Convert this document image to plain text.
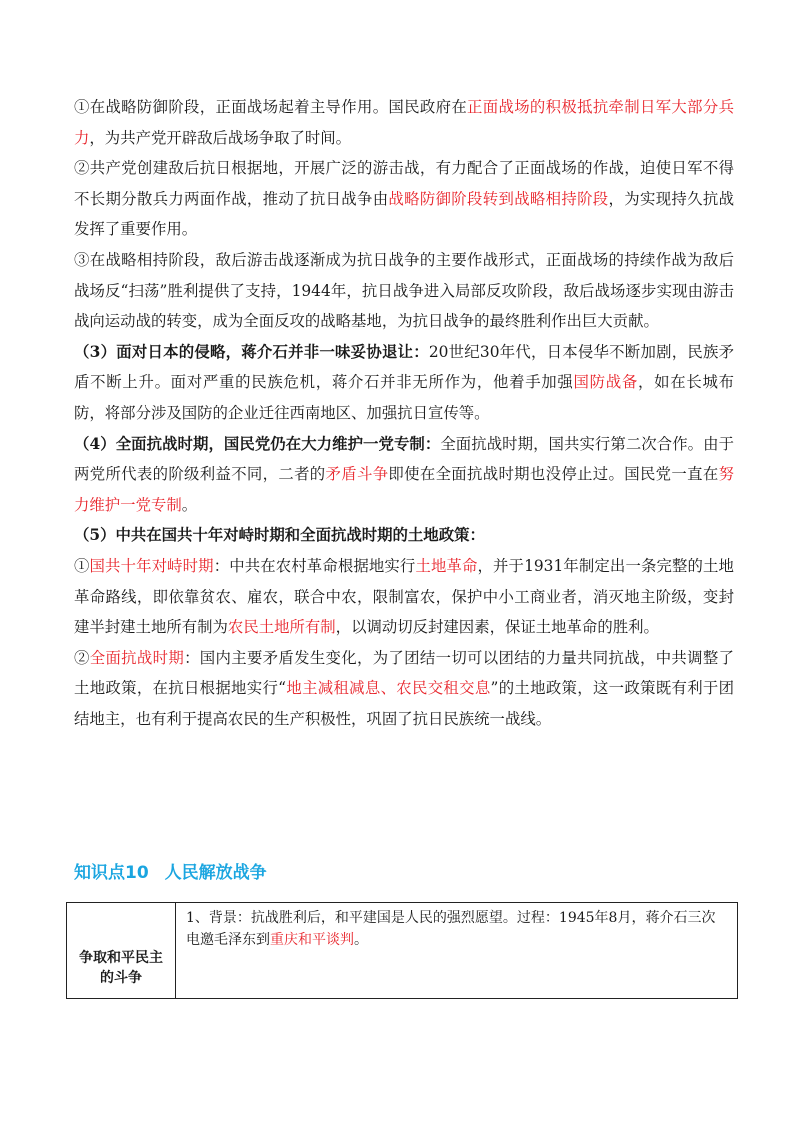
①在战略防御阶段，正面战场起着主导作用。国民政府在正面战场的积极抵抗牵制日军大部分兵力，为共产党开辟敌后战场争取了时间。

②共产党创建敌后抗日根据地，开展广泛的游击战，有力配合了正面战场的作战，迫使日军不得不长期分散兵力两面作战，推动了抗日战争由战略防御阶段转到战略相持阶段，为实现持久抗战发挥了重要作用。

③在战略相持阶段，敌后游击战逐渐成为抗日战争的主要作战形式，正面战场的持续作战为敌后战场反“扫荡”胜利提供了支持，1944年，抗日战争进入局部反攻阶段，敌后战场逐步实现由游击战向运动战的转变，成为全面反攻的战略基地，为抗日战争的最终胜利作出巨大贡献。

（3）面对日本的侵略，蒋介石并非一味妥协退让：20世纪30年代，日本侵华不断加剧，民族矛盾不断上升。面对严重的民族危机，蒋介石并非无所作为，他着手加强国防战备，如在长城布防，将部分涉及国防的企业迁往西南地区、加强抗日宣传等。

（4）全面抗战时期，国民党仍在大力维护一党专制：全面抗战时期，国共实行第二次合作。由于两党所代表的阶级利益不同，二者的矛盾斗争即使在全面抗战时期也没停止过。国民党一直在努力维护一党专制。

（5）中共在国共十年对峙时期和全面抗战时期的土地政策：

①国共十年对峙时期：中共在农村革命根据地实行土地革命，并于1931年制定出一条完整的土地革命路线，即依靠贫农、雇农，联合中农，限制富农，保护中小工商业者，消灭地主阶级，变封建半封建土地所有制为农民土地所有制，以调动切反封建因素，保证土地革命的胜利。

②全面抗战时期：国内主要矛盾发生变化，为了团结一切可以团结的力量共同抗战，中共调整了土地政策，在抗日根据地实行“地主减租减息、农民交租交息”的土地政策，这一政策既有利于团结地主，也有利于提高农民的生产积极性，巩固了抗日民族统一战线。

知识点10 人民解放战争
争取和平民主的斗争	1、背景：抗战胜利后，和平建国是人民的强烈愿望。过程：1945年8月，蒋介石三次电邀毛泽东到重庆和平谈判。
